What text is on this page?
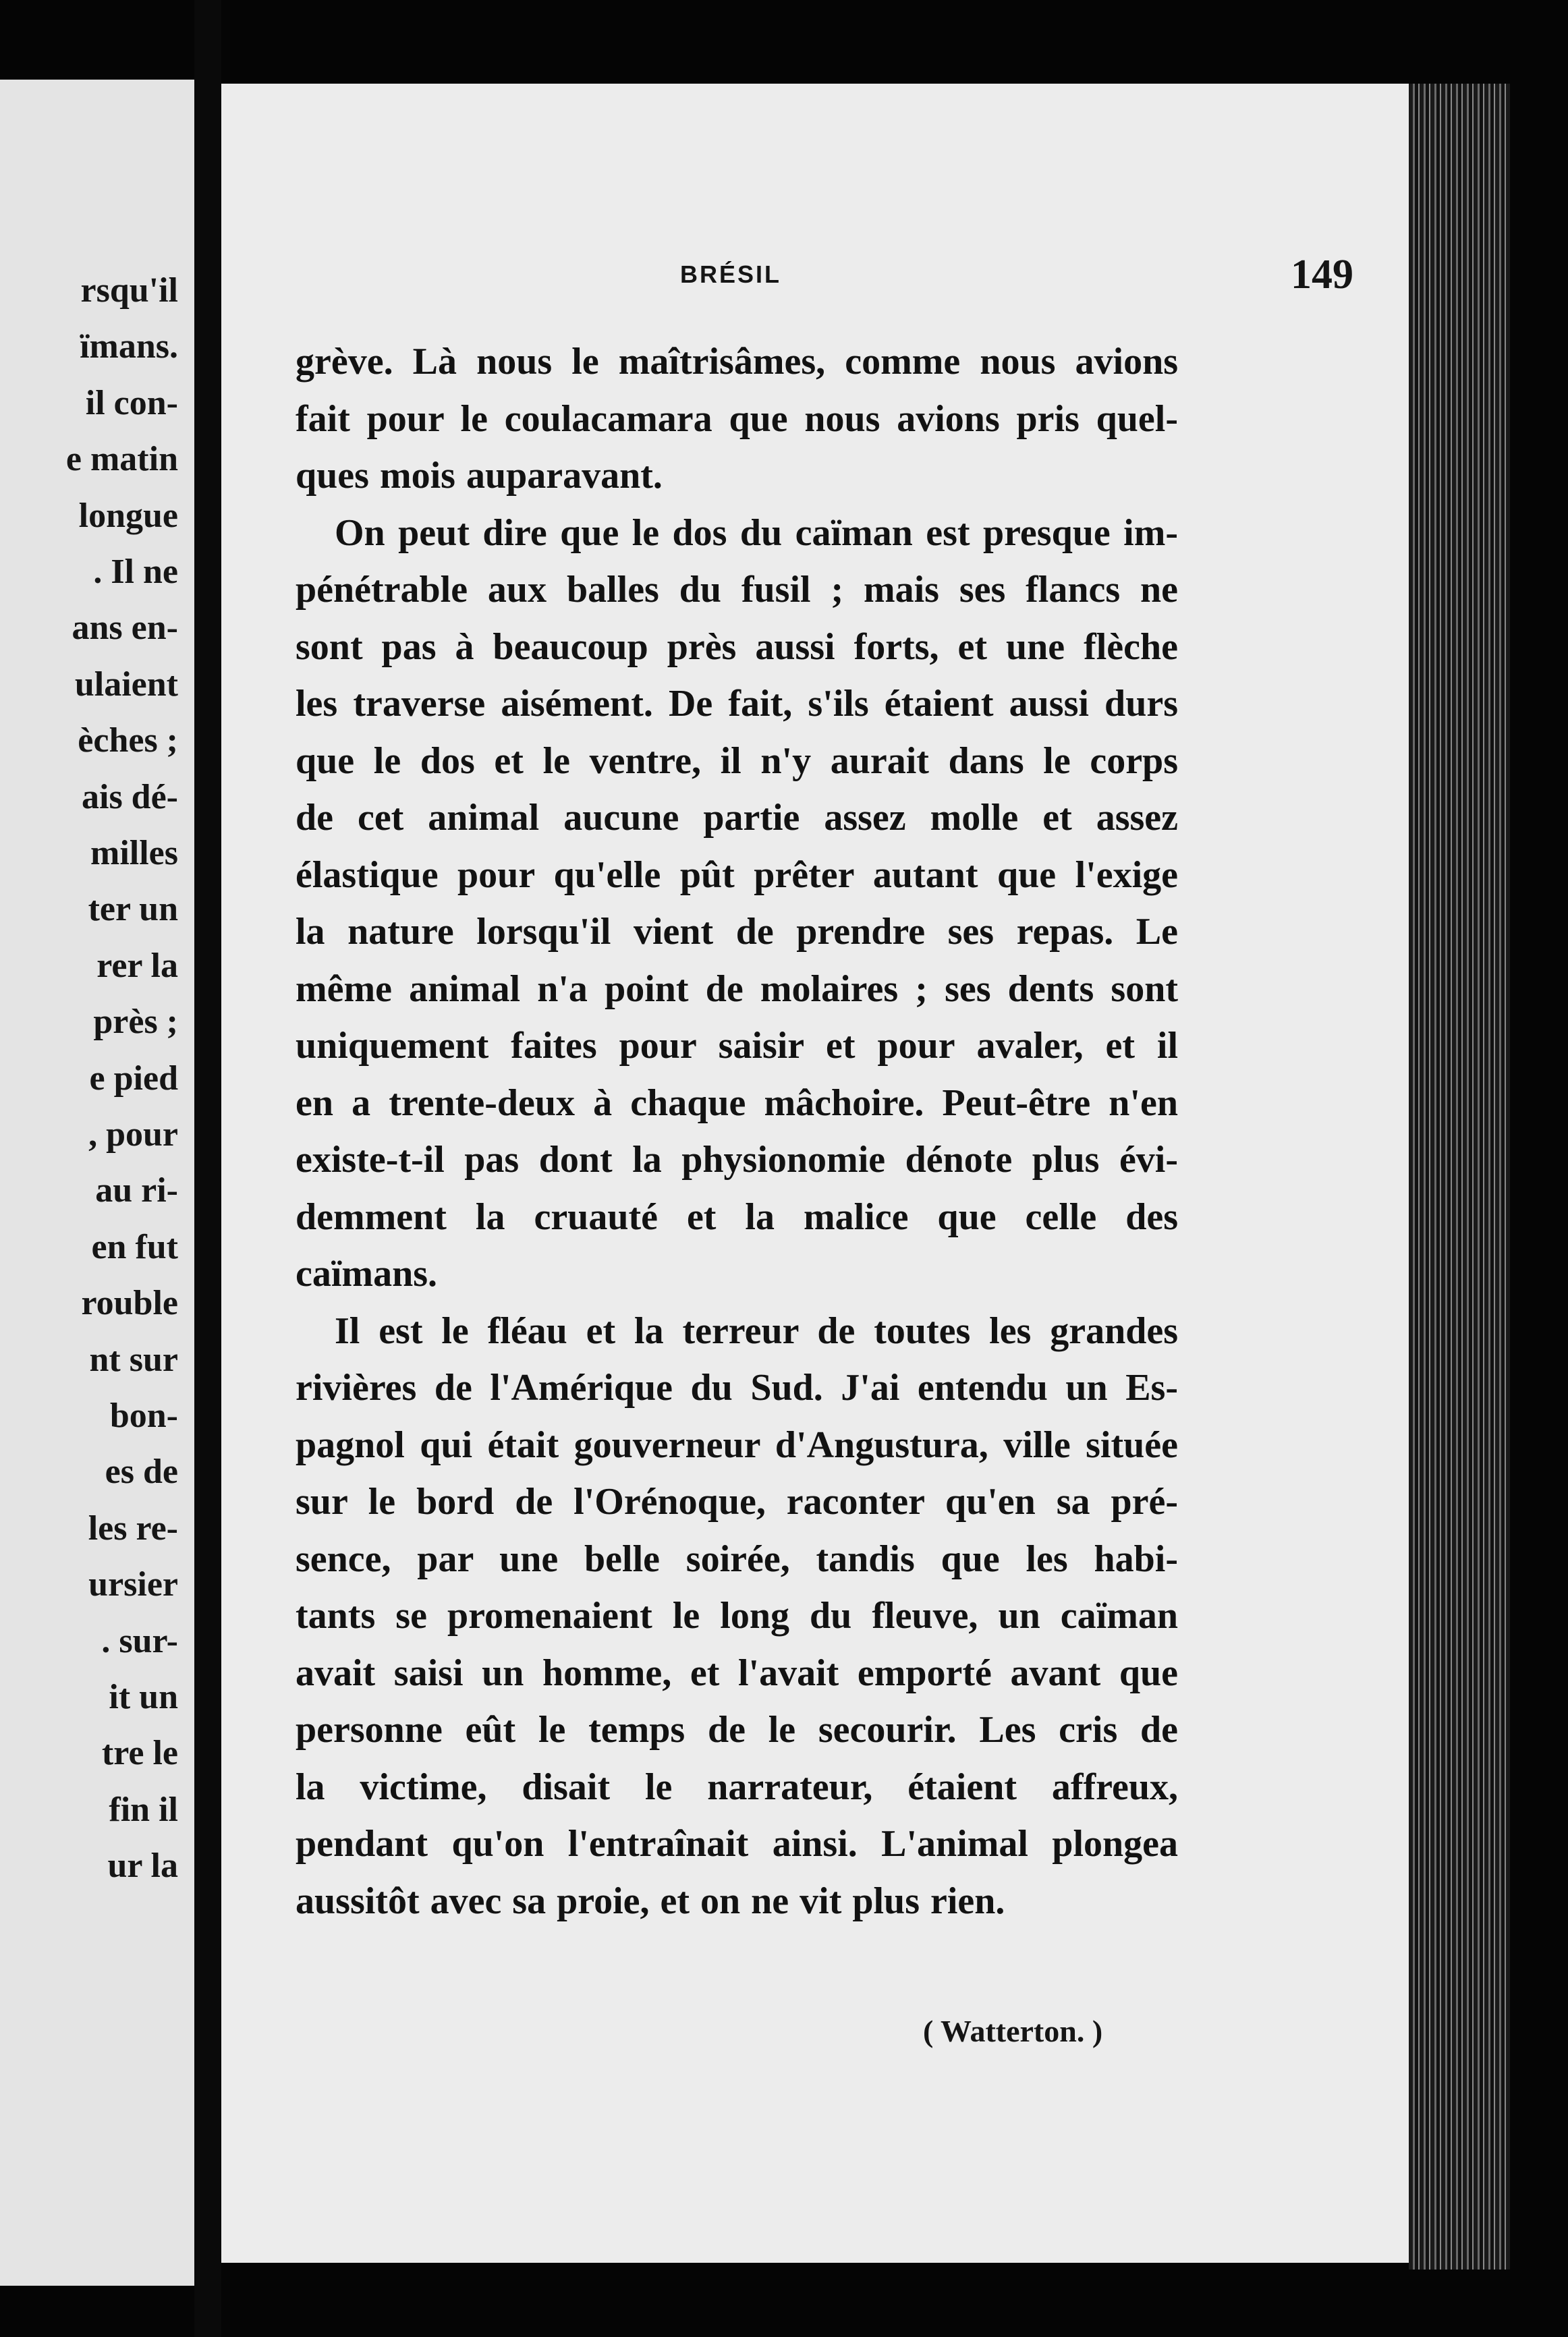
rsqu'il
ïmans.
il con-
e matin
longue
. Il ne
ans en-
ulaient
èches ;
ais dé-
milles
ter un
rer la
près ;
e pied
, pour
au ri-
en fut
rouble
nt sur
bon-
es de
les re-
ursier
. sur-
it un
tre le
fin il
ur la
BRÉSIL	149
grève. Là nous le maîtrisâmes, comme nous avions
fait pour le coulacamara que nous avions pris quel-
ques mois auparavant.
On peut dire que le dos du caïman est presque im-
pénétrable aux balles du fusil ; mais ses flancs ne
sont pas à beaucoup près aussi forts, et une flèche
les traverse aisément. De fait, s'ils étaient aussi durs
que le dos et le ventre, il n'y aurait dans le corps
de cet animal aucune partie assez molle et assez
élastique pour qu'elle pût prêter autant que l'exige
la nature lorsqu'il vient de prendre ses repas. Le
même animal n'a point de molaires ; ses dents sont
uniquement faites pour saisir et pour avaler, et il
en a trente-deux à chaque mâchoire. Peut-être n'en
existe-t-il pas dont la physionomie dénote plus évi-
demment la cruauté et la malice que celle des
caïmans.
Il est le fléau et la terreur de toutes les grandes
rivières de l'Amérique du Sud. J'ai entendu un Es-
pagnol qui était gouverneur d'Angustura, ville située
sur le bord de l'Orénoque, raconter qu'en sa pré-
sence, par une belle soirée, tandis que les habi-
tants se promenaient le long du fleuve, un caïman
avait saisi un homme, et l'avait emporté avant que
personne eût le temps de le secourir. Les cris de
la victime, disait le narrateur, étaient affreux,
pendant qu'on l'entraînait ainsi. L'animal plongea
aussitôt avec sa proie, et on ne vit plus rien.
( Watterton. )
